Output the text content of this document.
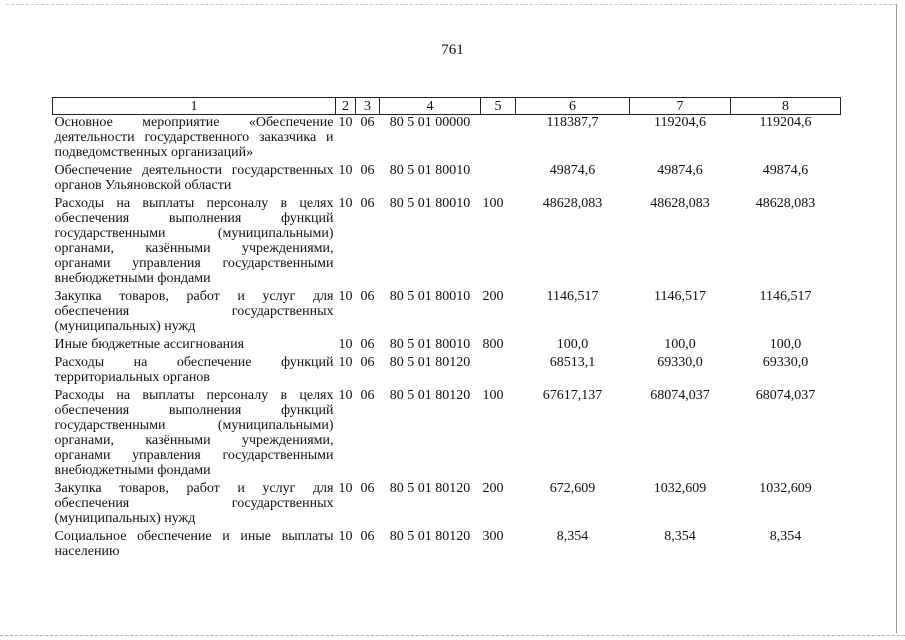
761
1	2	3	4	5	6	7	8
Основное мероприятие «Обеспечение деятельности государственного заказчика и подведомственных организаций»	10	06	80 5 01 00000		118387,7	119204,6	119204,6
Обеспечение деятельности государственных органов Ульяновской области	10	06	80 5 01 80010		49874,6	49874,6	49874,6
Расходы на выплаты персоналу в целях обеспечения выполнения функций государственными (муниципальными) органами, казёнными учреждениями, органами управления государственными внебюджетными фондами	10	06	80 5 01 80010	100	48628,083	48628,083	48628,083
Закупка товаров, работ и услуг для обеспечения государственных (муниципальных) нужд	10	06	80 5 01 80010	200	1146,517	1146,517	1146,517
Иные бюджетные ассигнования	10	06	80 5 01 80010	800	100,0	100,0	100,0
Расходы на обеспечение функций территориальных органов	10	06	80 5 01 80120		68513,1	69330,0	69330,0
Расходы на выплаты персоналу в целях обеспечения выполнения функций государственными (муниципальными) органами, казёнными учреждениями, органами управления государственными внебюджетными фондами	10	06	80 5 01 80120	100	67617,137	68074,037	68074,037
Закупка товаров, работ и услуг для обеспечения государственных (муниципальных) нужд	10	06	80 5 01 80120	200	672,609	1032,609	1032,609
Социальное обеспечение и иные выплаты населению	10	06	80 5 01 80120	300	8,354	8,354	8,354
